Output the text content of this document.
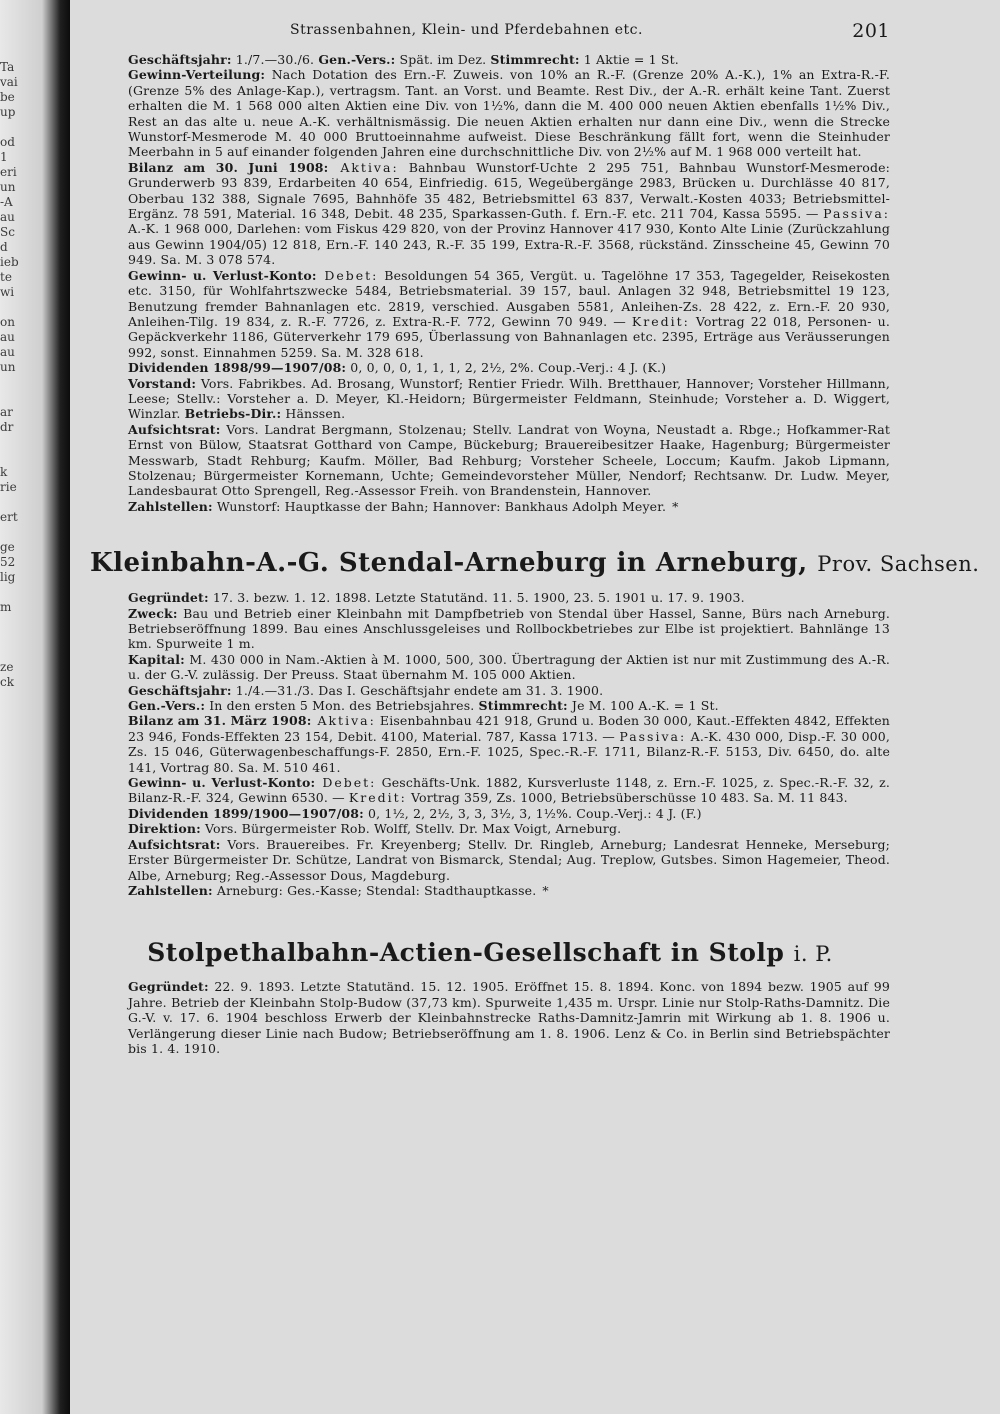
Ta
vai
be
up
od
1
eri
un
-A
au
Sc
d
ieb
te
wi
on
au
au
un
ar
dr
k
rie
ert
ge
52
lig
m
ze
ck
Strassenbahnen, Klein- und Pferdebahnen etc.	201

Geschäftsjahr: 1./7.—30./6. Gen.-Vers.: Spät. im Dez. Stimmrecht: 1 Aktie = 1 St.

Gewinn-Verteilung: Nach Dotation des Ern.-F. Zuweis. von 10% an R.-F. (Grenze 20% A.-K.), 1% an Extra-R.-F. (Grenze 5% des Anlage-Kap.), vertragsm. Tant. an Vorst. und Beamte. Rest Div., der A.-R. erhält keine Tant. Zuerst erhalten die M. 1 568 000 alten Aktien eine Div. von 1½%, dann die M. 400 000 neuen Aktien ebenfalls 1½% Div., Rest an das alte u. neue A.-K. verhältnismässig. Die neuen Aktien erhalten nur dann eine Div., wenn die Strecke Wunstorf-Mesmerode M. 40 000 Bruttoeinnahme aufweist. Diese Beschränkung fällt fort, wenn die Steinhuder Meerbahn in 5 auf einander folgenden Jahren eine durchschnittliche Div. von 2½% auf M. 1 968 000 verteilt hat.

Bilanz am 30. Juni 1908: Aktiva: Bahnbau Wunstorf-Uchte 2 295 751, Bahnbau Wunstorf-Mesmerode: Grunderwerb 93 839, Erdarbeiten 40 654, Einfriedig. 615, Wegeübergänge 2983, Brücken u. Durchlässe 40 817, Oberbau 132 388, Signale 7695, Bahnhöfe 35 482, Betriebsmittel 63 837, Verwalt.-Kosten 4033; Betriebsmittel-Ergänz. 78 591, Material. 16 348, Debit. 48 235, Sparkassen-Guth. f. Ern.-F. etc. 211 704, Kassa 5595. — Passiva: A.-K. 1 968 000, Darlehen: vom Fiskus 429 820, von der Provinz Hannover 417 930, Konto Alte Linie (Zurückzahlung aus Gewinn 1904/05) 12 818, Ern.-F. 140 243, R.-F. 35 199, Extra-R.-F. 3568, rückständ. Zinsscheine 45, Gewinn 70 949. Sa. M. 3 078 574.

Gewinn- u. Verlust-Konto: Debet: Besoldungen 54 365, Vergüt. u. Tagelöhne 17 353, Tagegelder, Reisekosten etc. 3150, für Wohlfahrtszwecke 5484, Betriebsmaterial. 39 157, baul. Anlagen 32 948, Betriebsmittel 19 123, Benutzung fremder Bahnanlagen etc. 2819, verschied. Ausgaben 5581, Anleihen-Zs. 28 422, z. Ern.-F. 20 930, Anleihen-Tilg. 19 834, z. R.-F. 7726, z. Extra-R.-F. 772, Gewinn 70 949. — Kredit: Vortrag 22 018, Personen- u. Gepäckverkehr 1186, Güterverkehr 179 695, Überlassung von Bahnanlagen etc. 2395, Erträge aus Veräusserungen 992, sonst. Einnahmen 5259. Sa. M. 328 618.

Dividenden 1898/99—1907/08: 0, 0, 0, 0, 1, 1, 1, 2, 2½, 2%. Coup.-Verj.: 4 J. (K.)

Vorstand: Vors. Fabrikbes. Ad. Brosang, Wunstorf; Rentier Friedr. Wilh. Bretthauer, Hannover; Vorsteher Hillmann, Leese; Stellv.: Vorsteher a. D. Meyer, Kl.-Heidorn; Bürgermeister Feldmann, Steinhude; Vorsteher a. D. Wiggert, Winzlar. Betriebs-Dir.: Hänssen.

Aufsichtsrat: Vors. Landrat Bergmann, Stolzenau; Stellv. Landrat von Woyna, Neustadt a. Rbge.; Hofkammer-Rat Ernst von Bülow, Staatsrat Gotthard von Campe, Bückeburg; Brauereibesitzer Haake, Hagenburg; Bürgermeister Messwarb, Stadt Rehburg; Kaufm. Möller, Bad Rehburg; Vorsteher Scheele, Loccum; Kaufm. Jakob Lipmann, Stolzenau; Bürgermeister Kornemann, Uchte; Gemeindevorsteher Müller, Nendorf; Rechtsanw. Dr. Ludw. Meyer, Landesbaurat Otto Sprengell, Reg.-Assessor Freih. von Brandenstein, Hannover.

Zahlstellen: Wunstorf: Hauptkasse der Bahn; Hannover: Bankhaus Adolph Meyer. *

Kleinbahn-A.-G. Stendal-Arneburg in Arneburg, Prov. Sachsen.

Gegründet: 17. 3. bezw. 1. 12. 1898. Letzte Statutänd. 11. 5. 1900, 23. 5. 1901 u. 17. 9. 1903.

Zweck: Bau und Betrieb einer Kleinbahn mit Dampfbetrieb von Stendal über Hassel, Sanne, Bürs nach Arneburg. Betriebseröffnung 1899. Bau eines Anschlussgeleises und Rollbockbetriebes zur Elbe ist projektiert. Bahnlänge 13 km. Spurweite 1 m.

Kapital: M. 430 000 in Nam.-Aktien à M. 1000, 500, 300. Übertragung der Aktien ist nur mit Zustimmung des A.-R. u. der G.-V. zulässig. Der Preuss. Staat übernahm M. 105 000 Aktien.

Geschäftsjahr: 1./4.—31./3. Das I. Geschäftsjahr endete am 31. 3. 1900.

Gen.-Vers.: In den ersten 5 Mon. des Betriebsjahres. Stimmrecht: Je M. 100 A.-K. = 1 St.

Bilanz am 31. März 1908: Aktiva: Eisenbahnbau 421 918, Grund u. Boden 30 000, Kaut.-Effekten 4842, Effekten 23 946, Fonds-Effekten 23 154, Debit. 4100, Material. 787, Kassa 1713. — Passiva: A.-K. 430 000, Disp.-F. 30 000, Zs. 15 046, Güterwagenbeschaffungs-F. 2850, Ern.-F. 1025, Spec.-R.-F. 1711, Bilanz-R.-F. 5153, Div. 6450, do. alte 141, Vortrag 80. Sa. M. 510 461.

Gewinn- u. Verlust-Konto: Debet: Geschäfts-Unk. 1882, Kursverluste 1148, z. Ern.-F. 1025, z. Spec.-R.-F. 32, z. Bilanz-R.-F. 324, Gewinn 6530. — Kredit: Vortrag 359, Zs. 1000, Betriebsüberschüsse 10 483. Sa. M. 11 843.

Dividenden 1899/1900—1907/08: 0, 1½, 2, 2½, 3, 3, 3½, 3, 1½%. Coup.-Verj.: 4 J. (F.)

Direktion: Vors. Bürgermeister Rob. Wolff, Stellv. Dr. Max Voigt, Arneburg.

Aufsichtsrat: Vors. Brauereibes. Fr. Kreyenberg; Stellv. Dr. Ringleb, Arneburg; Landesrat Henneke, Merseburg; Erster Bürgermeister Dr. Schütze, Landrat von Bismarck, Stendal; Aug. Treplow, Gutsbes. Simon Hagemeier, Theod. Albe, Arneburg; Reg.-Assessor Dous, Magdeburg.

Zahlstellen: Arneburg: Ges.-Kasse; Stendal: Stadthauptkasse. *

Stolpethalbahn-Actien-Gesellschaft in Stolp i. P.

Gegründet: 22. 9. 1893. Letzte Statutänd. 15. 12. 1905. Eröffnet 15. 8. 1894. Konc. von 1894 bezw. 1905 auf 99 Jahre. Betrieb der Kleinbahn Stolp-Budow (37,73 km). Spurweite 1,435 m. Urspr. Linie nur Stolp-Raths-Damnitz. Die G.-V. v. 17. 6. 1904 beschloss Erwerb der Kleinbahnstrecke Raths-Damnitz-Jamrin mit Wirkung ab 1. 8. 1906 u. Verlängerung dieser Linie nach Budow; Betriebseröffnung am 1. 8. 1906. Lenz & Co. in Berlin sind Betriebspächter bis 1. 4. 1910.
